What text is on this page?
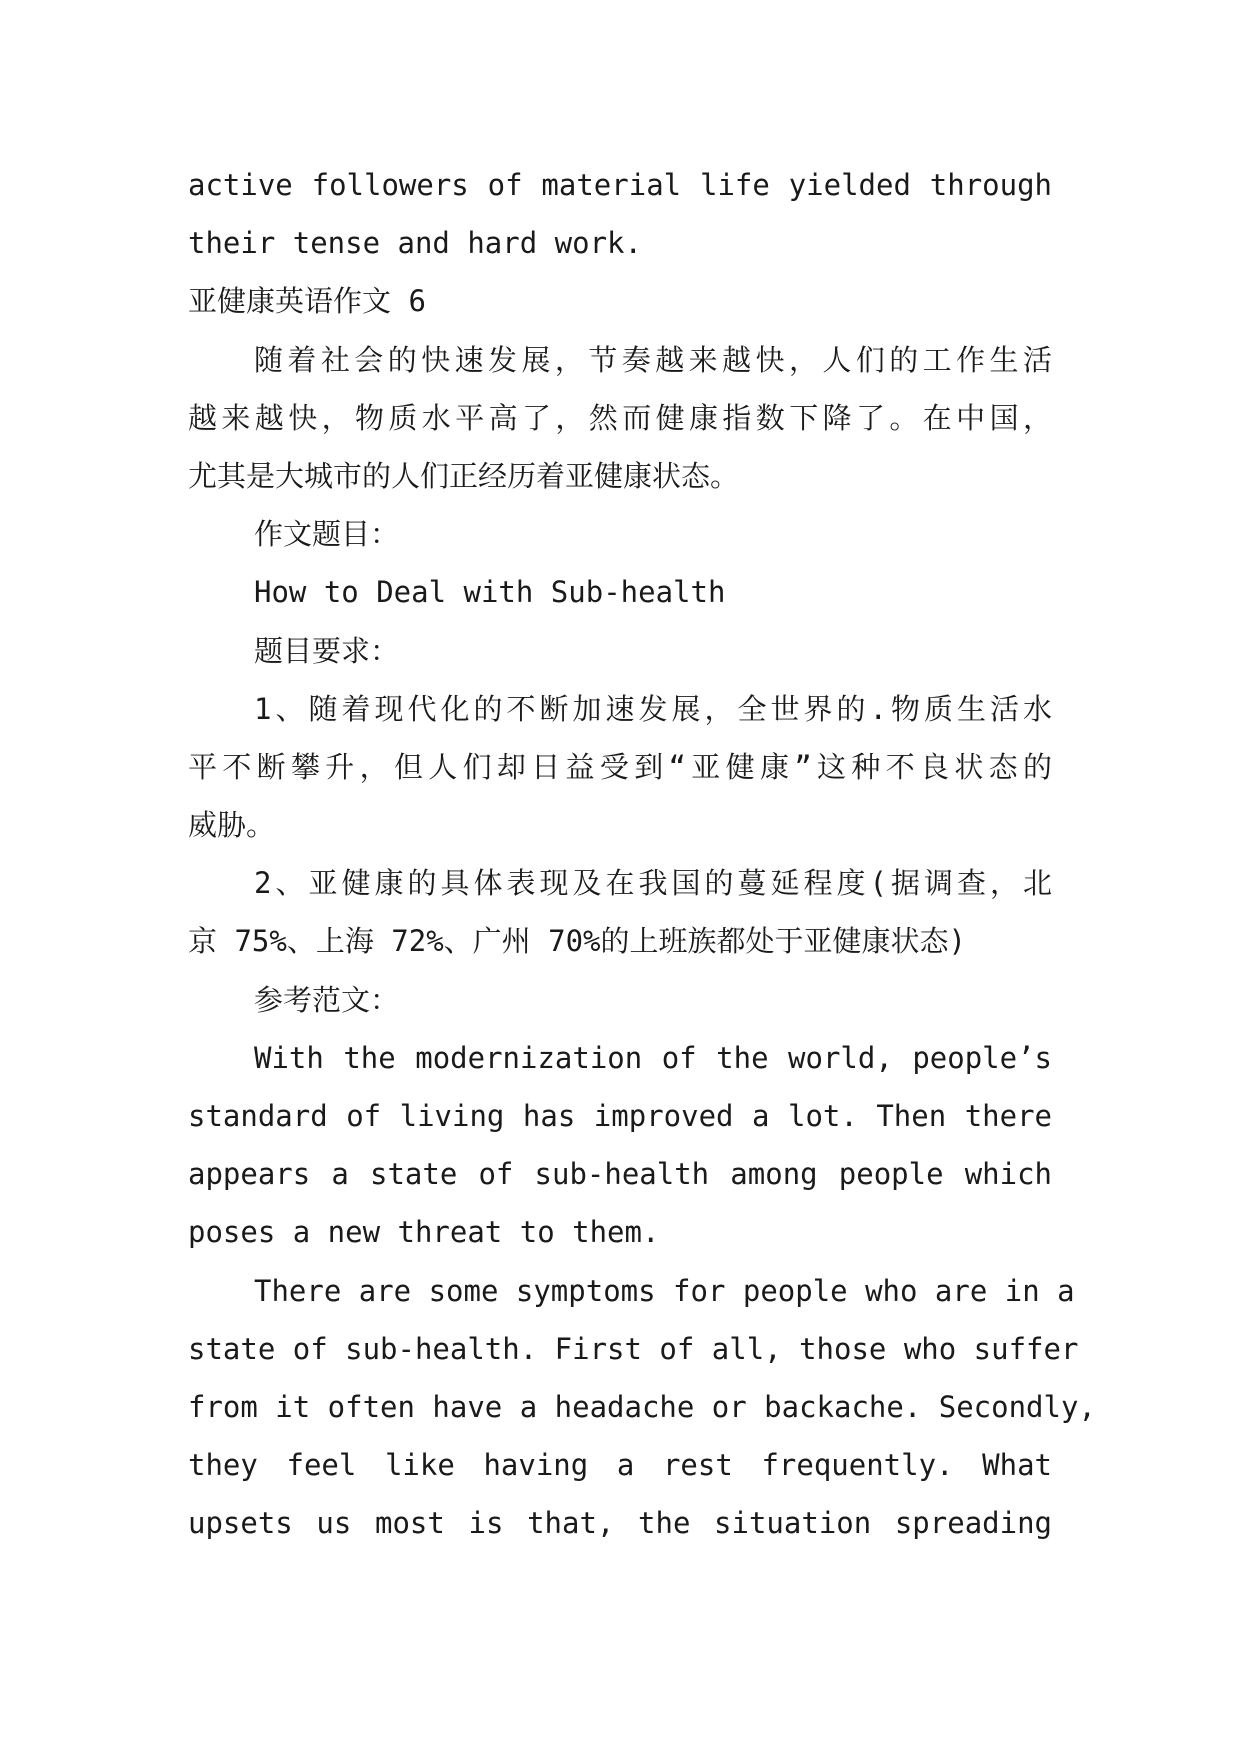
active followers of material life yielded through
their tense and hard work.
亚健康英语作文 6
随着社会的快速发展，节奏越来越快，人们的工作生活
越来越快，物质水平高了，然而健康指数下降了。在中国，
尤其是大城市的人们正经历着亚健康状态。
作文题目：
How to Deal with Sub-health
题目要求：
1、随着现代化的不断加速发展，全世界的.物质生活水
平不断攀升，但人们却日益受到“亚健康”这种不良状态的
威胁。
2、亚健康的具体表现及在我国的蔓延程度(据调查，北
京 75%、上海 72%、广州 70%的上班族都处于亚健康状态)
参考范文：
With the modernization of the world, people’s
standard of living has improved a lot. Then there
appears a state of sub-health among people which
poses a new threat to them.
There are some symptoms for people who are in a
state of sub-health. First of all, those who suffer
from it often have a headache or backache. Secondly,
they feel like having a rest frequently. What
upsets us most is that, the situation spreading
